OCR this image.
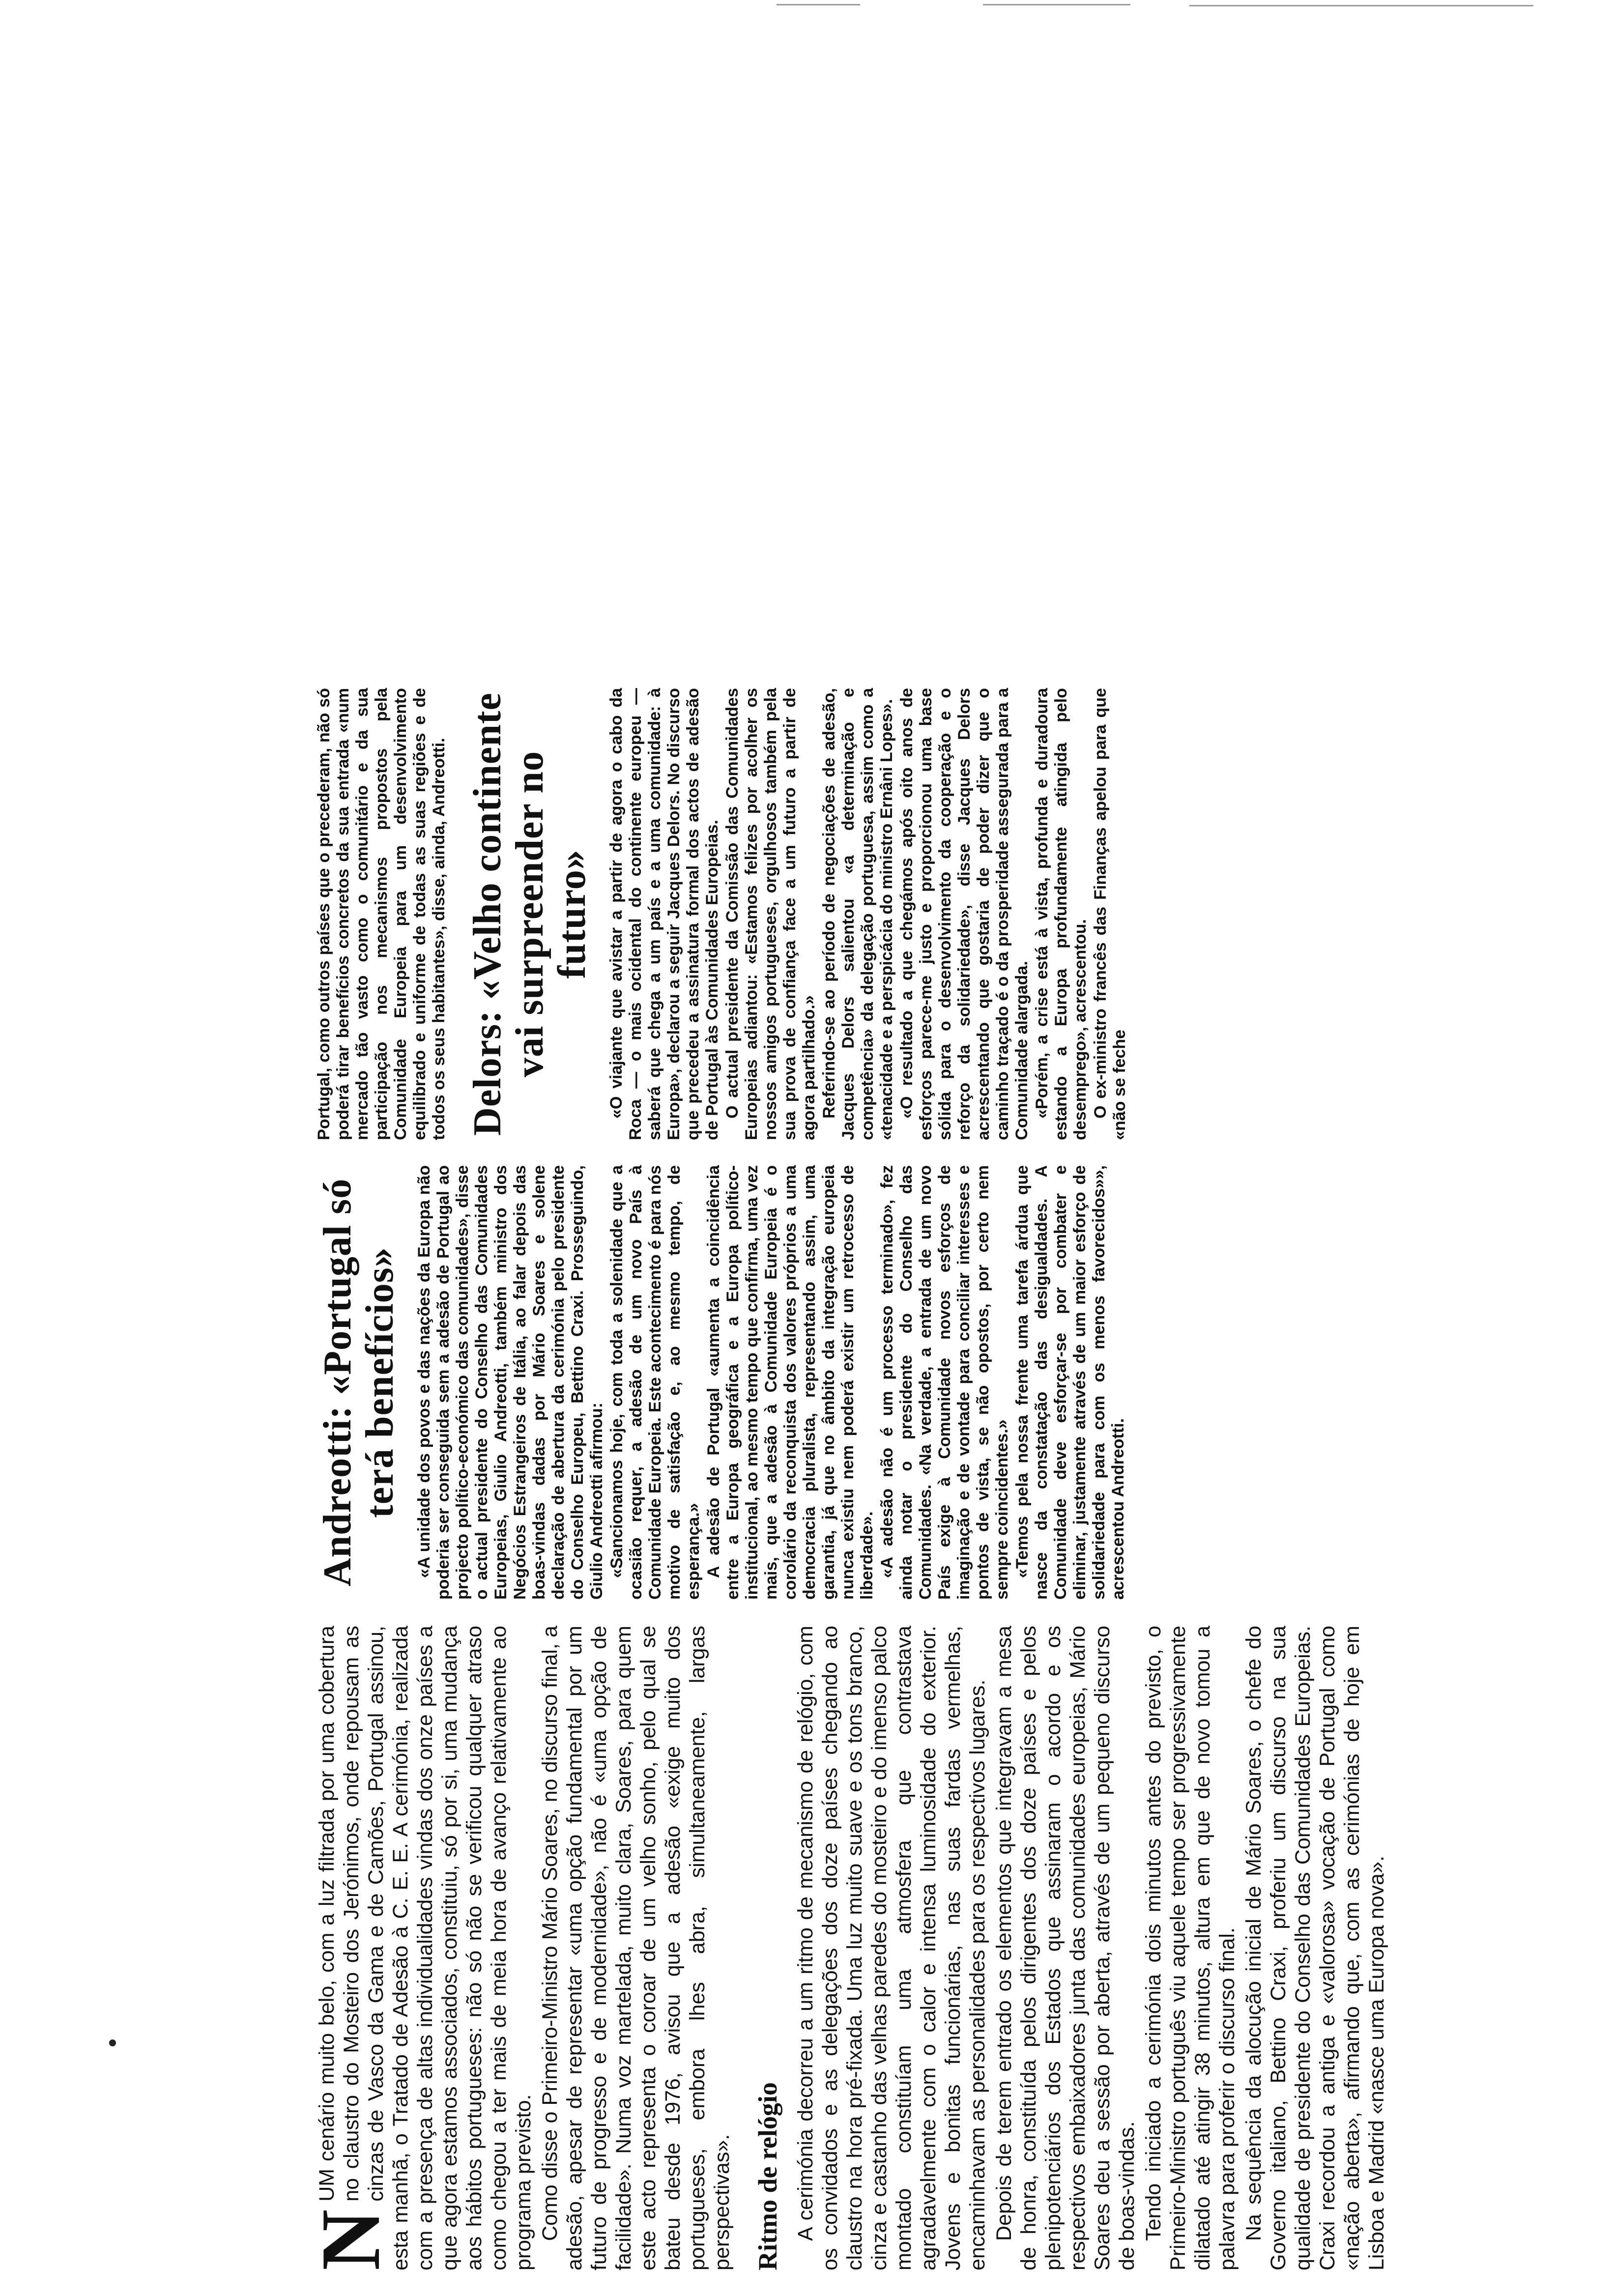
N
UM cenário muito belo, com a luz filtrada por uma cobertura no claustro do Mosteiro dos Jerónimos, onde repousam as cinzas de Vasco da Gama e de Camões, Portugal assinou, esta manhã, o Tratado de Adesão à C. E. E. A cerimónia, realizada com a presença de altas individualidades vindas dos onze países a que agora estamos associados, constituiu, só por si, uma mudança aos hábitos portugueses: não só não se verificou qualquer atraso como chegou a ter mais de meia hora de avanço relativamente ao programa previsto. Como disse o Primeiro-Ministro Mário Soares, no discurso final, a adesão, apesar de representar «uma opção fundamental por um futuro de progresso e de modernidade», não é «uma opção de facilidade». Numa voz martelada, muito clara, Soares, para quem este acto representa o coroar de um velho sonho, pelo qual se bateu desde 1976, avisou que a adesão «exige muito dos portugueses, embora lhes abra, simultaneamente, largas perspectivas». Ritmo de relógio A cerimónia decorreu a um ritmo de mecanismo de relógio, com os convidados e as delegações dos doze países chegando ao claustro na hora pré-fixada. Uma luz muito suave e os tons branco, cinza e castanho das velhas paredes do mosteiro e do imenso palco montado constituíam uma atmosfera que contrastava agradavelmente com o calor e intensa luminosidade do exterior. Jovens e bonitas funcionárias, nas suas fardas vermelhas, encaminhavam as personalidades para os respectivos lugares. Depois de terem entrado os elementos que integravam a mesa de honra, constituída pelos dirigentes dos doze países e pelos plenipotenciários dos Estados que assinaram o acordo e os respectivos embaixadores junta das comunidades europeias, Mário Soares deu a sessão por aberta, através de um pequeno discurso de boas-vindas. Tendo iniciado a cerimónia dois minutos antes do previsto, o Primeiro-Ministro português viu aquele tempo ser progressivamente dilatado até atingir 38 minutos, altura em que de novo tomou a palavra para proferir o discurso final. Na sequência da alocução inicial de Mário Soares, o chefe do Governo italiano, Bettino Craxi, proferiu um discurso na sua qualidade de presidente do Conselho das Comunidades Europeias. Craxi recordou a antiga e «valorosa» vocação de Portugal como «nação aberta», afirmando que, com as cerimónias de hoje em Lisboa e Madrid «nasce uma Europa nova».

Andreotti: «Portugal só terá benefícios» «A unidade dos povos e das nações da Europa não poderia ser conseguida sem a adesão de Portugal ao projecto político-económico das comunidades», disse o actual presidente do Conselho das Comunidades Europeias, Giulio Andreotti, também ministro dos Negócios Estrangeiros de Itália, ao falar depois das boas-vindas dadas por Mário Soares e solene declaração de abertura da cerimónia pelo presidente do Conselho Europeu, Bettino Craxi. Prosseguindo, Giulio Andreotti afirmou: «Sancionamos hoje, com toda a solenidade que a ocasião requer, a adesão de um novo País à Comunidade Europeia. Este acontecimento é para nós motivo de satisfação e, ao mesmo tempo, de esperança.» A adesão de Portugal «aumenta a coincidência entre a Europa geográfica e a Europa político-institucional, ao mesmo tempo que confirma, uma vez mais, que a adesão à Comunidade Europeia é o corolário da reconquista dos valores próprios a uma democracia pluralista, representando assim, uma garantia, já que no âmbito da integração europeia nunca existiu nem poderá existir um retrocesso de liberdade». «A adesão não é um processo terminado», fez ainda notar o presidente do Conselho das Comunidades. «Na verdade, a entrada de um novo País exige à Comunidade novos esforços de imaginação e de vontade para conciliar interesses e pontos de vista, se não opostos, por certo nem sempre coincidentes.» «Temos pela nossa frente uma tarefa árdua que nasce da constatação das desigualdades. A Comunidade deve esforçar-se por combater e eliminar, justamente através de um maior esforço de solidariedade para com os menos favorecidos»», acrescentou Andreotti.

Portugal, como outros países que o precederam, não só poderá tirar benefícios concretos da sua entrada «num mercado tão vasto como o comunitário e da sua participação nos mecanismos propostos pela Comunidade Europeia para um desenvolvimento equilibrado e uniforme de todas as suas regiões e de todos os seus habitantes», disse, ainda, Andreotti. Delors: «Velho continente vai surpreender no futuro» «O viajante que avistar a partir de agora o cabo da Roca — o mais ocidental do continente europeu — saberá que chega a um país e a uma comunidade: à Europa», declarou a seguir Jacques Delors. No discurso que precedeu a assinatura formal dos actos de adesão de Portugal às Comunidades Europeias. O actual presidente da Comissão das Comunidades Europeias adiantou: «Estamos felizes por acolher os nossos amigos portugueses, orgulhosos também pela sua prova de confiança face a um futuro a partir de agora partilhado.» Referindo-se ao período de negociações de adesão, Jacques Delors salientou «a determinação e competência» da delegação portuguesa, assim como a «tenacidade e a perspicácia do ministro Ernâni Lopes». «O resultado a que chegámos após oito anos de esforços parece-me justo e proporcionou uma base sólida para o desenvolvimento da cooperação e o reforço da solidariedade», disse Jacques Delors acrescentando que gostaria de poder dizer que o caminho traçado é o da prosperidade assegurada para a Comunidade alargada. «Porém, a crise está à vista, profunda e duradoura estando a Europa profundamente atingida pelo desemprego», acrescentou. O ex-ministro francês das Finanças apelou para que «não se feche
